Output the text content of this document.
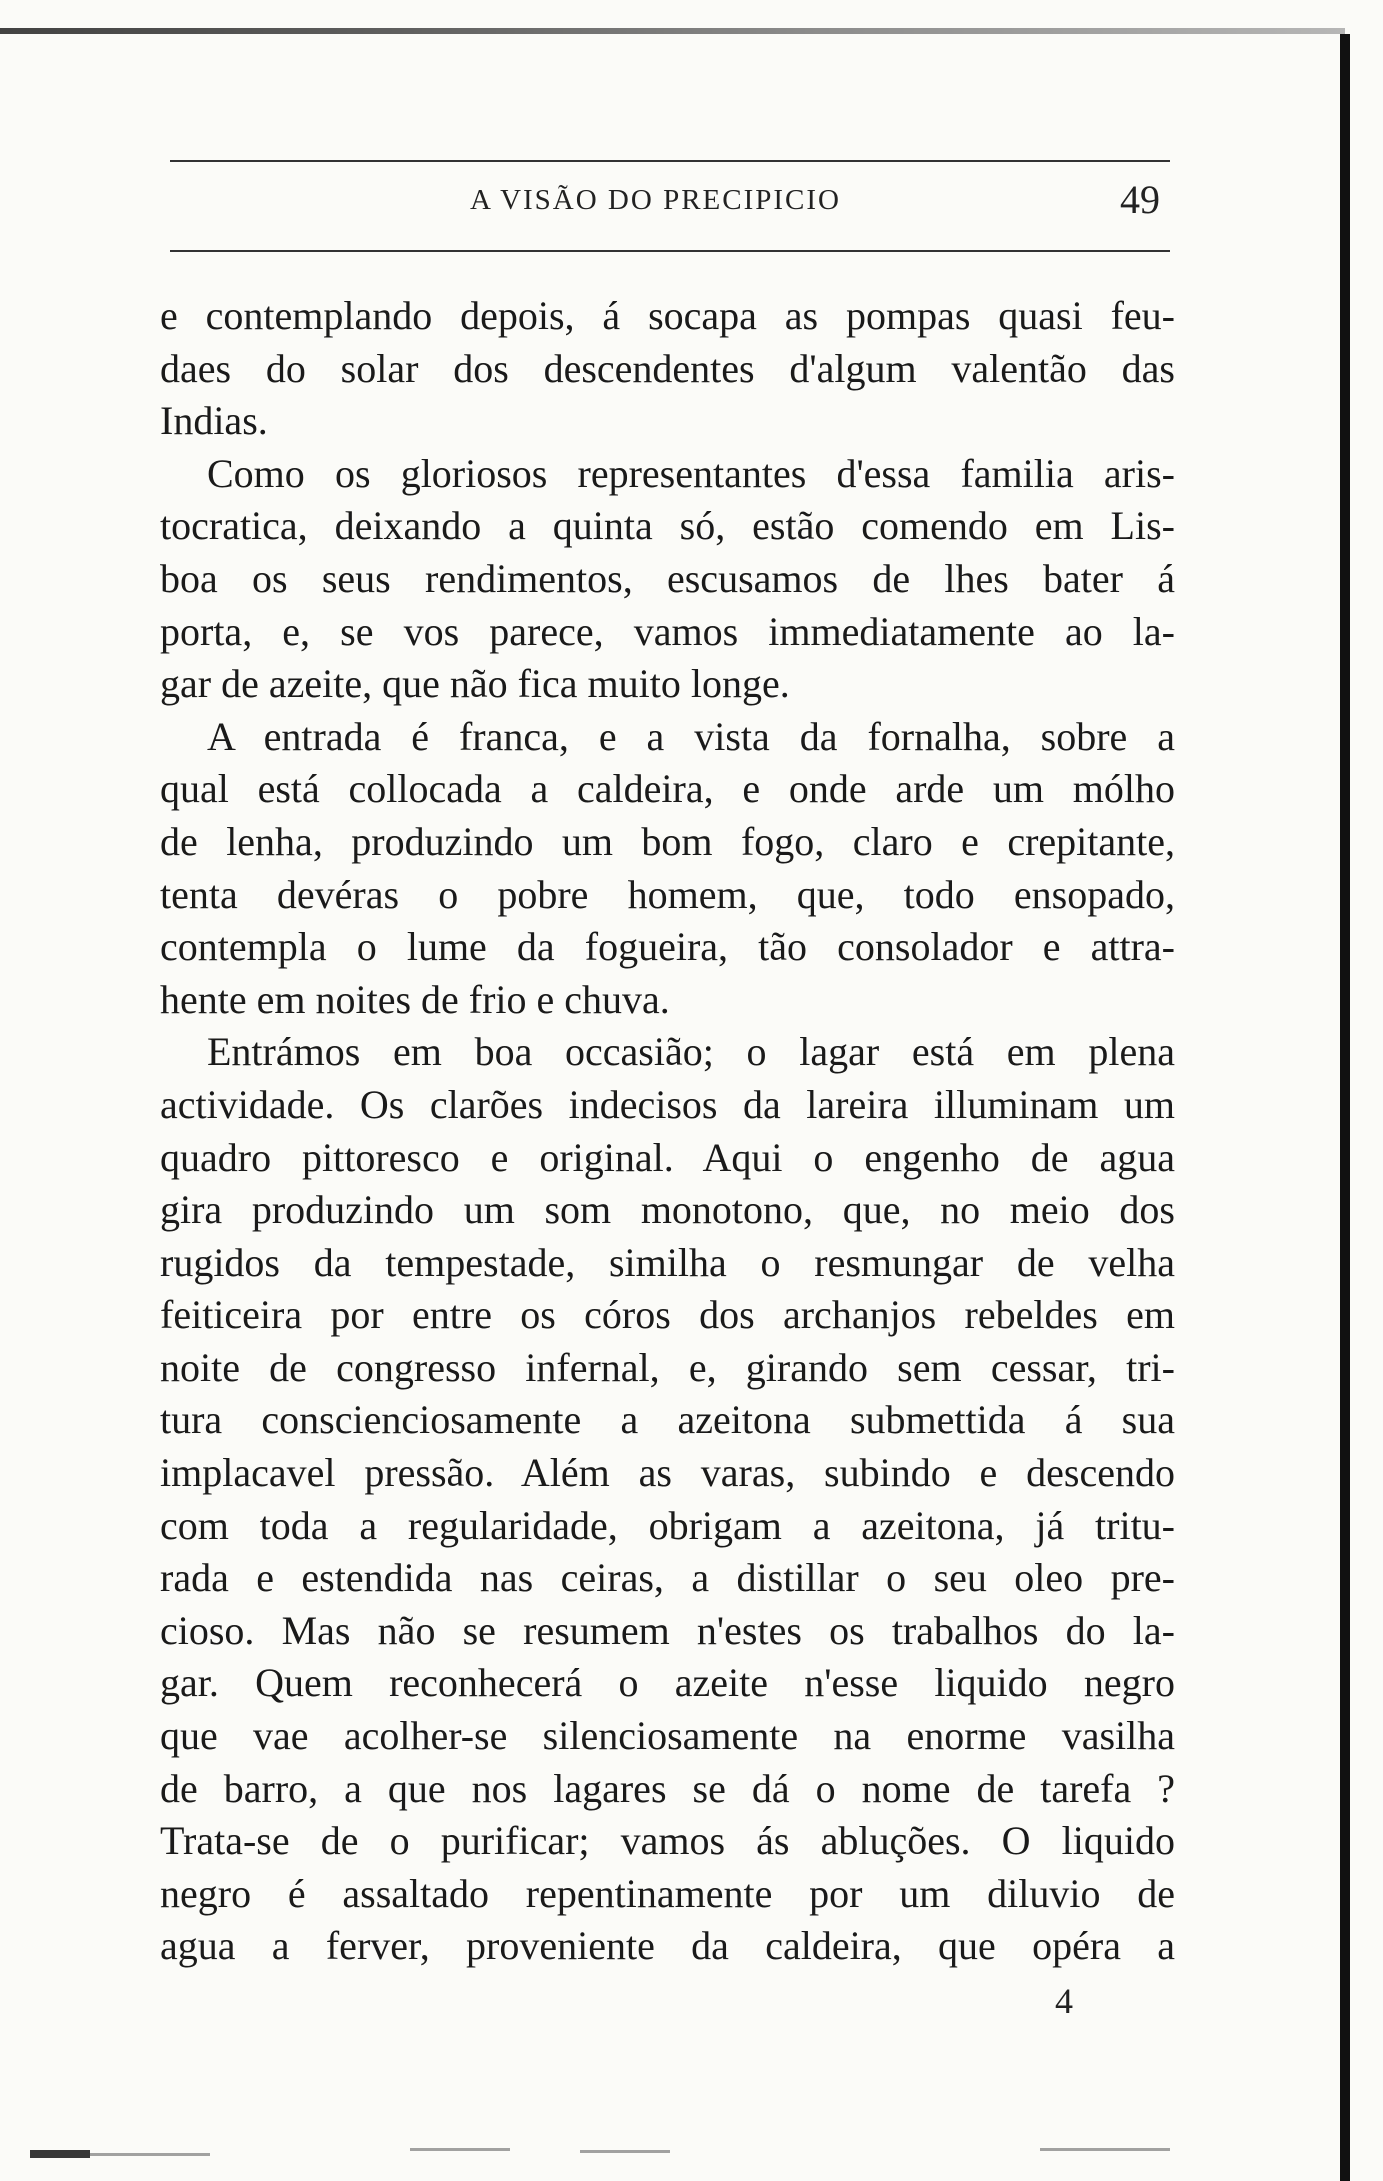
A VISÃO DO PRECIPICIO	49
e contemplando depois, á socapa as pompas quasi feu-
daes do solar dos descendentes d'algum valentão das
Indias.
Como os gloriosos representantes d'essa familia aris-
tocratica, deixando a quinta só, estão comendo em Lis-
boa os seus rendimentos, escusamos de lhes bater á
porta, e, se vos parece, vamos immediatamente ao la-
gar de azeite, que não fica muito longe.
A entrada é franca, e a vista da fornalha, sobre a
qual está collocada a caldeira, e onde arde um mólho
de lenha, produzindo um bom fogo, claro e crepitante,
tenta devéras o pobre homem, que, todo ensopado,
contempla o lume da fogueira, tão consolador e attra-
hente em noites de frio e chuva.
Entrámos em boa occasião; o lagar está em plena
actividade. Os clarões indecisos da lareira illuminam um
quadro pittoresco e original. Aqui o engenho de agua
gira produzindo um som monotono, que, no meio dos
rugidos da tempestade, similha o resmungar de velha
feiticeira por entre os córos dos archanjos rebeldes em
noite de congresso infernal, e, girando sem cessar, tri-
tura conscienciosamente a azeitona submettida á sua
implacavel pressão. Além as varas, subindo e descendo
com toda a regularidade, obrigam a azeitona, já tritu-
rada e estendida nas ceiras, a distillar o seu oleo pre-
cioso. Mas não se resumem n'estes os trabalhos do la-
gar. Quem reconhecerá o azeite n'esse liquido negro
que vae acolher-se silenciosamente na enorme vasilha
de barro, a que nos lagares se dá o nome de tarefa ?
Trata-se de o purificar; vamos ás abluções. O liquido
negro é assaltado repentinamente por um diluvio de
agua a ferver, proveniente da caldeira, que opéra a
4
